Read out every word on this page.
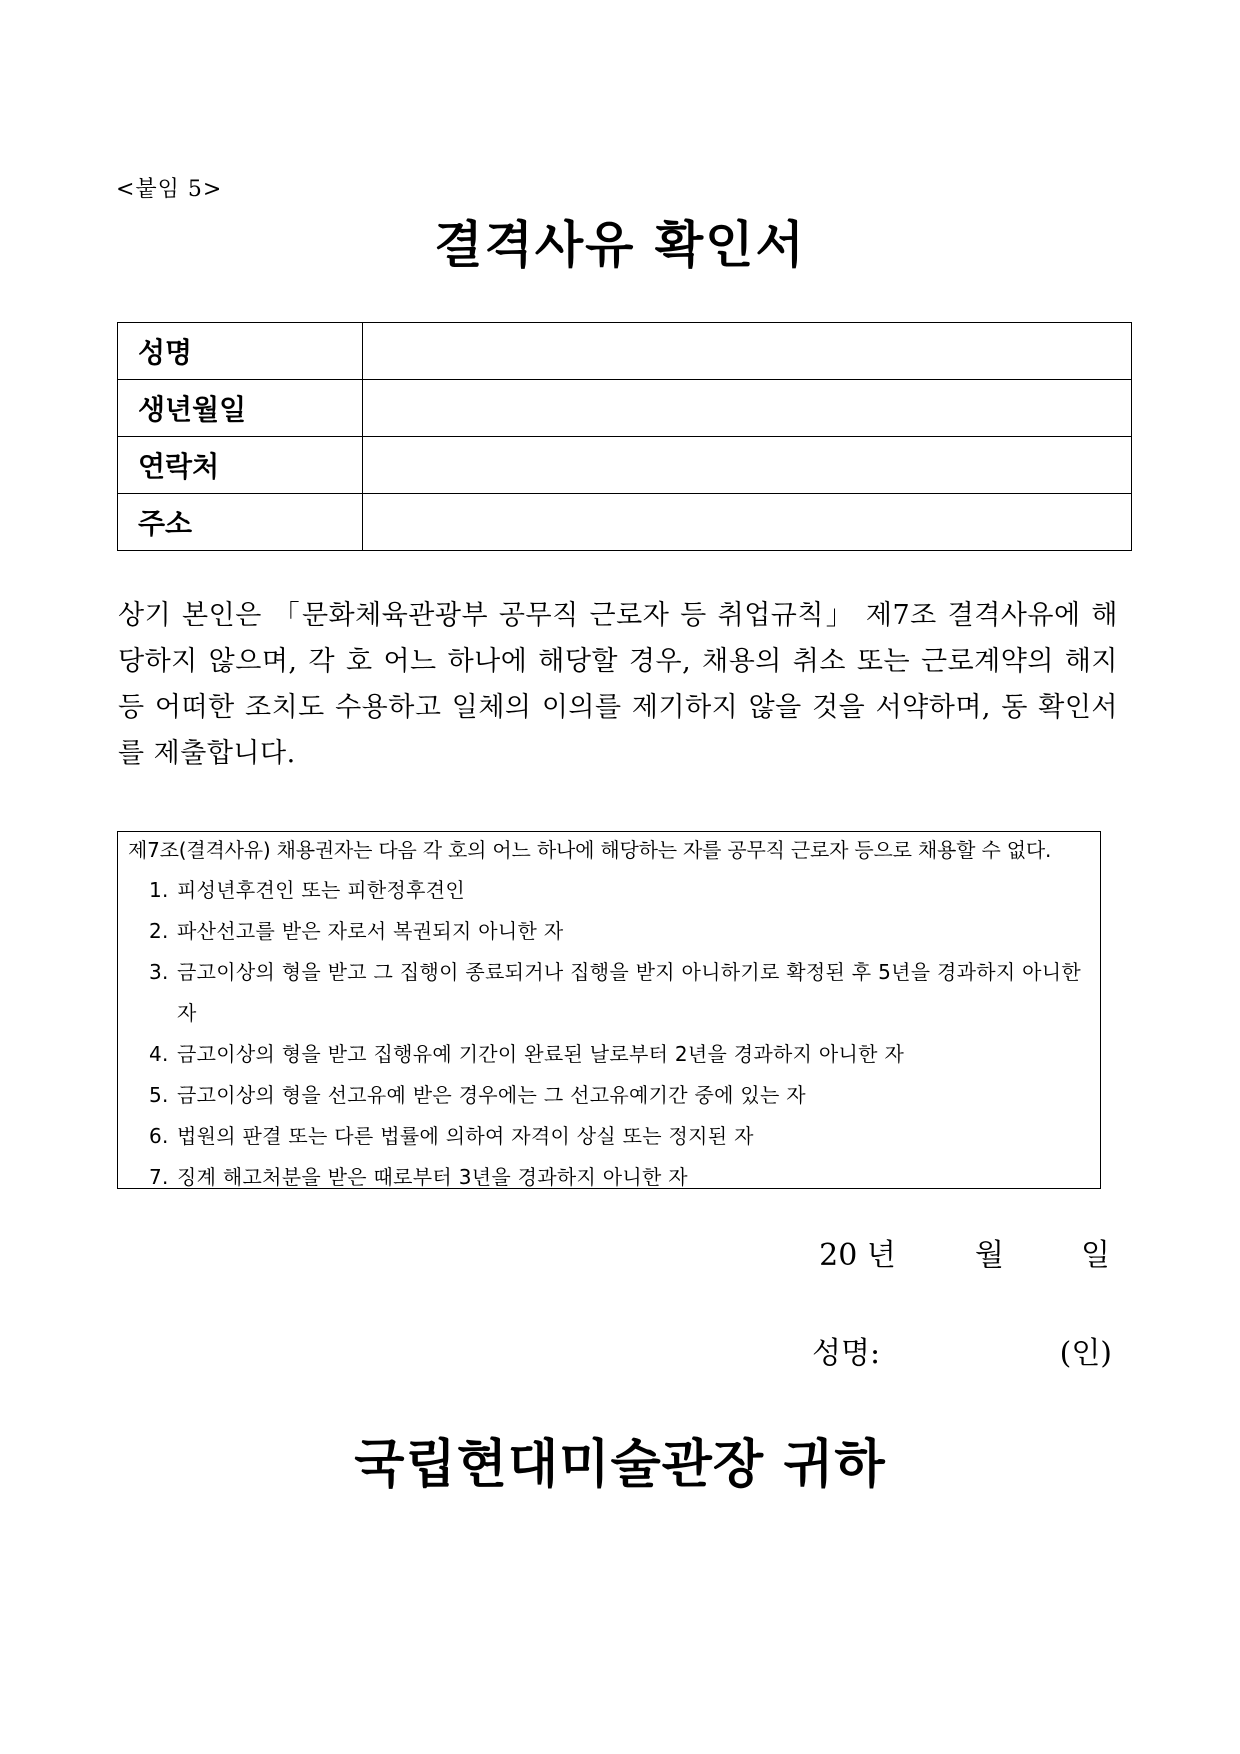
<붙임 5>
결격사유 확인서
성명	
생년월일	
연락처	
주소	

상기 본인은 「문화체육관광부 공무직 근로자 등 취업규칙」 제7조 결격사유에 해당하지 않으며, 각 호 어느 하나에 해당할 경우, 채용의 취소 또는 근로계약의 해지 등 어떠한 조치도 수용하고 일체의 이의를 제기하지 않을 것을 서약하며, 동 확인서를 제출합니다.

제7조(결격사유) 채용권자는 다음 각 호의 어느 하나에 해당하는 자를 공무직 근로자 등으로 채용할 수 없다.
1. 피성년후견인 또는 피한정후견인
2. 파산선고를 받은 자로서 복권되지 아니한 자
3. 금고이상의 형을 받고 그 집행이 종료되거나 집행을 받지 아니하기로 확정된 후 5년을 경과하지 아니한 자
4. 금고이상의 형을 받고 집행유예 기간이 완료된 날로부터 2년을 경과하지 아니한 자
5. 금고이상의 형을 선고유예 받은 경우에는 그 선고유예기간 중에 있는 자
6. 법원의 판결 또는 다른 법률에 의하여 자격이 상실 또는 정지된 자
7. 징계 해고처분을 받은 때로부터 3년을 경과하지 아니한 자
20 년	월	일
성명:	(인)
국립현대미술관장 귀하
